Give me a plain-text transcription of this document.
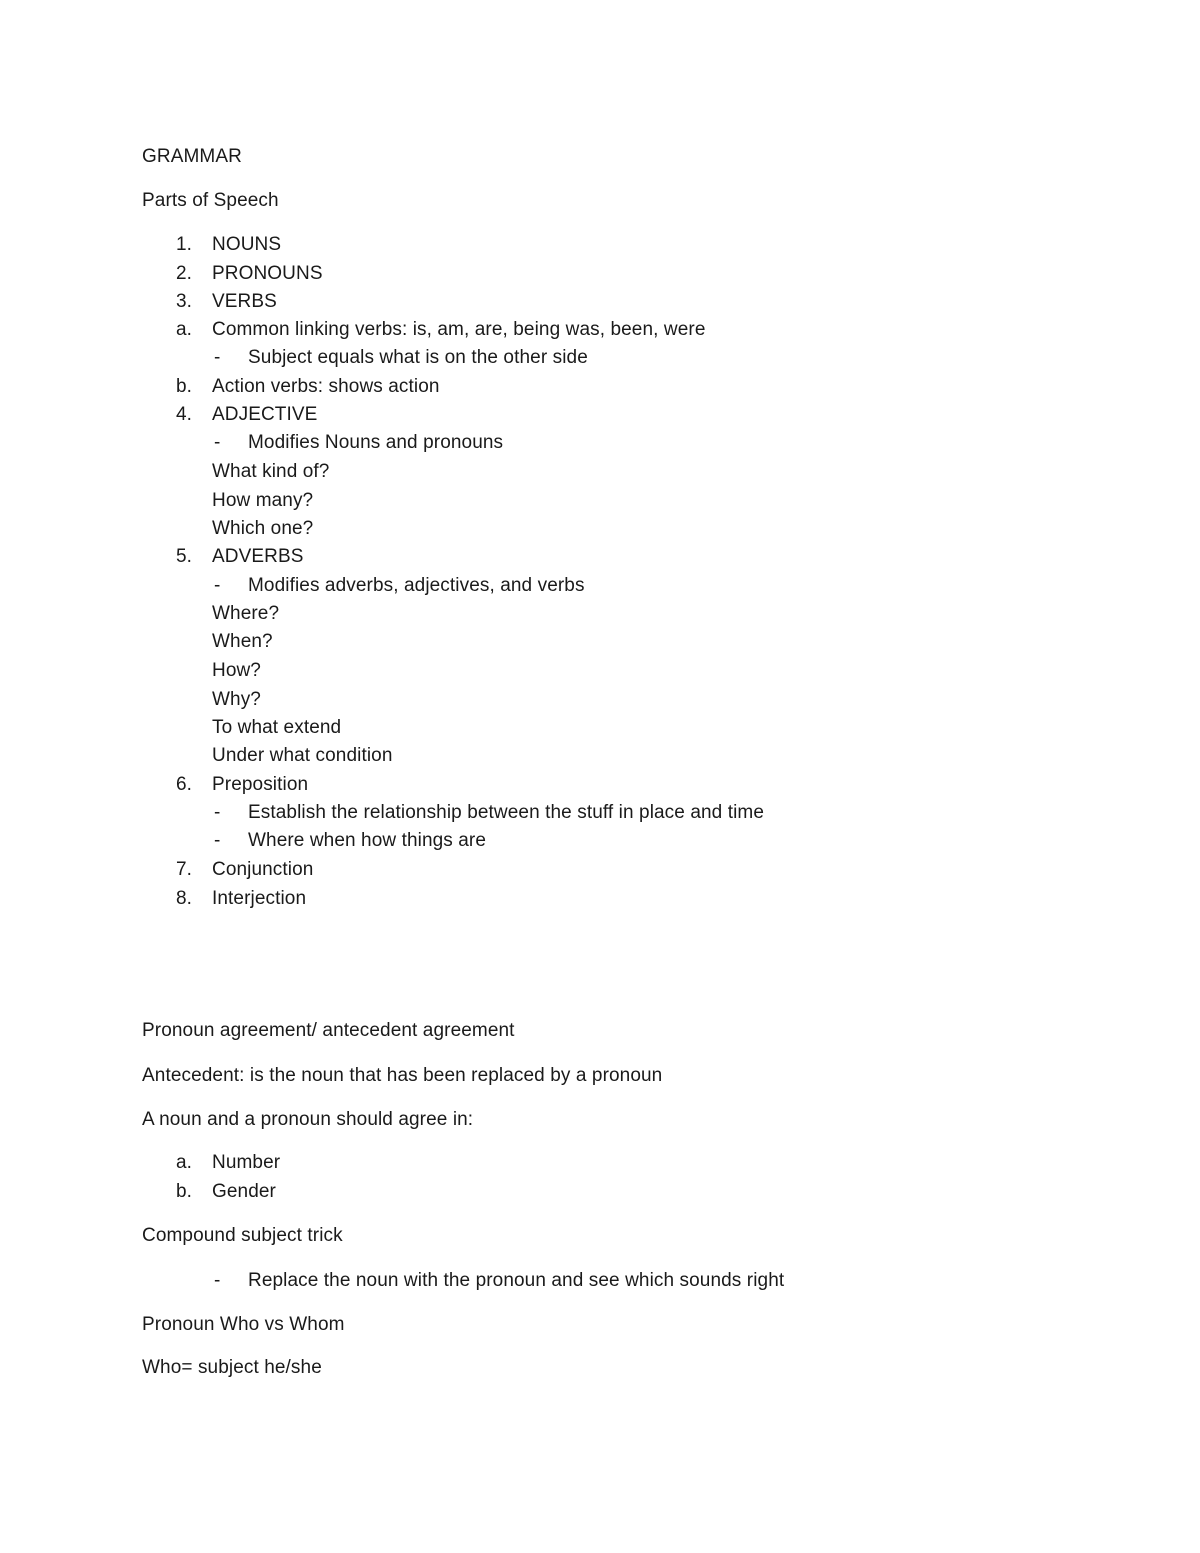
GRAMMAR
Parts of Speech
1. NOUNS
2. PRONOUNS
3. VERBS
a. Common linking verbs: is, am, are, being was, been, were
- Subject equals what is on the other side
b. Action verbs: shows action
4. ADJECTIVE
- Modifies Nouns and pronouns
What kind of?
How many?
Which one?
5. ADVERBS
- Modifies adverbs, adjectives, and verbs
Where?
When?
How?
Why?
To what extend
Under what condition
6. Preposition
- Establish the relationship between the stuff in place and time
- Where when how things are
7. Conjunction
8. Interjection
Pronoun agreement/ antecedent agreement
Antecedent: is the noun that has been replaced by a pronoun
A noun and a pronoun should agree in:
a. Number
b. Gender
Compound subject trick
- Replace the noun with the pronoun and see which sounds right
Pronoun Who vs Whom
Who= subject he/she
